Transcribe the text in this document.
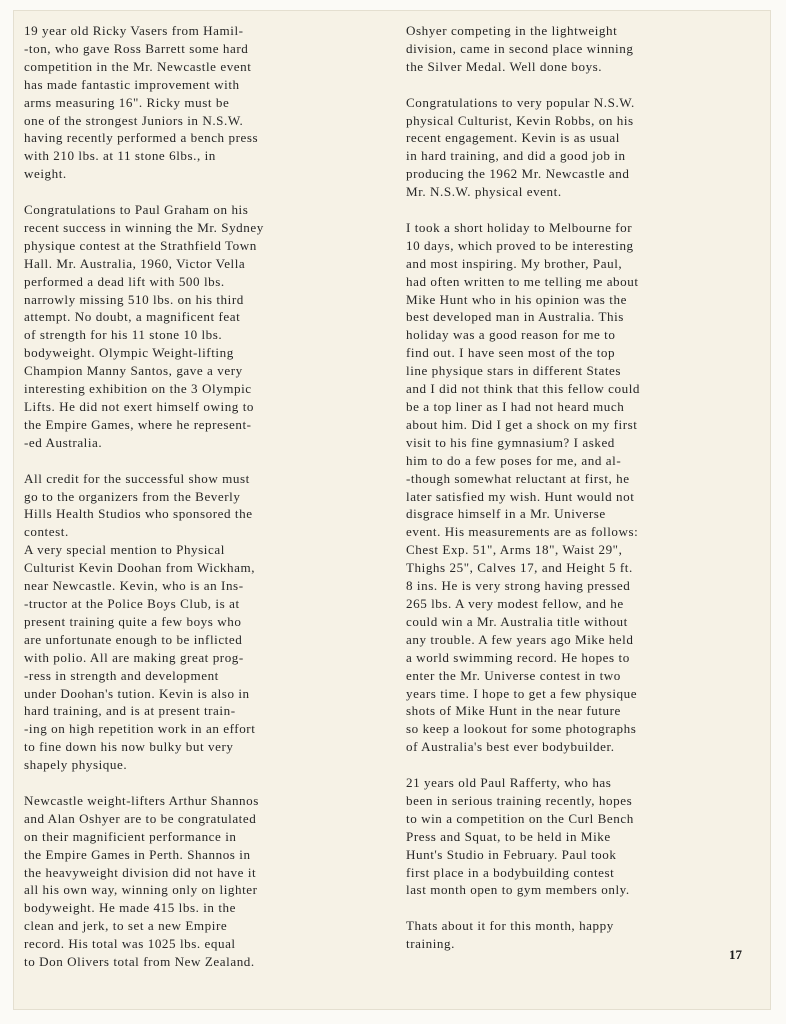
19 year old Ricky Vasers from Hamil-
-ton, who gave Ross Barrett some hard
competition in the Mr. Newcastle event
has made fantastic improvement with
arms measuring 16". Ricky must be
one of the strongest Juniors in N.S.W.
having recently performed a bench press
with 210 lbs. at 11 stone 6lbs., in
weight.

Congratulations to Paul Graham on his
recent success in winning the Mr. Sydney
physique contest at the Strathfield Town
Hall. Mr. Australia, 1960, Victor Vella
performed a dead lift with 500 lbs.
narrowly missing 510 lbs. on his third
attempt. No doubt, a magnificent feat
of strength for his 11 stone 10 lbs.
bodyweight. Olympic Weight-lifting
Champion Manny Santos, gave a very
interesting exhibition on the 3 Olympic
Lifts. He did not exert himself owing to
the Empire Games, where he represent-
-ed Australia.

All credit for the successful show must
go to the organizers from the Beverly
Hills Health Studios who sponsored the
contest.

A very special mention to Physical
Culturist Kevin Doohan from Wickham,
near Newcastle. Kevin, who is an Ins-
-tructor at the Police Boys Club, is at
present training quite a few boys who
are unfortunate enough to be inflicted
with polio. All are making great prog-
-ress in strength and development
under Doohan's tution. Kevin is also in
hard training, and is at present train-
-ing on high repetition work in an effort
to fine down his now bulky but very
shapely physique.

Newcastle weight-lifters Arthur Shannos
and Alan Oshyer are to be congratulated
on their magnificient performance in
the Empire Games in Perth. Shannos in
the heavyweight division did not have it
all his own way, winning only on lighter
bodyweight. He made 415 lbs. in the
clean and jerk, to set a new Empire
record. His total was 1025 lbs. equal
to Don Olivers total from New Zealand.

Oshyer competing in the lightweight
division, came in second place winning
the Silver Medal. Well done boys.

Congratulations to very popular N.S.W.
physical Culturist, Kevin Robbs, on his
recent engagement. Kevin is as usual
in hard training, and did a good job in
producing the 1962 Mr. Newcastle and
Mr. N.S.W. physical event.

I took a short holiday to Melbourne for
10 days, which proved to be interesting
and most inspiring. My brother, Paul,
had often written to me telling me about
Mike Hunt who in his opinion was the
best developed man in Australia. This
holiday was a good reason for me to
find out. I have seen most of the top
line physique stars in different States
and I did not think that this fellow could
be a top liner as I had not heard much
about him. Did I get a shock on my first
visit to his fine gymnasium? I asked
him to do a few poses for me, and al-
-though somewhat reluctant at first, he
later satisfied my wish. Hunt would not
disgrace himself in a Mr. Universe
event. His measurements are as follows:
Chest Exp. 51", Arms 18", Waist 29",
Thighs 25", Calves 17, and Height 5 ft.
8 ins. He is very strong having pressed
265 lbs. A very modest fellow, and he
could win a Mr. Australia title without
any trouble. A few years ago Mike held
a world swimming record. He hopes to
enter the Mr. Universe contest in two
years time. I hope to get a few physique
shots of Mike Hunt in the near future
so keep a lookout for some photographs
of Australia's best ever bodybuilder.

21 years old Paul Rafferty, who has
been in serious training recently, hopes
to win a competition on the Curl Bench
Press and Squat, to be held in Mike
Hunt's Studio in February. Paul took
first place in a bodybuilding contest
last month open to gym members only.

Thats about it for this month, happy
training.

17
